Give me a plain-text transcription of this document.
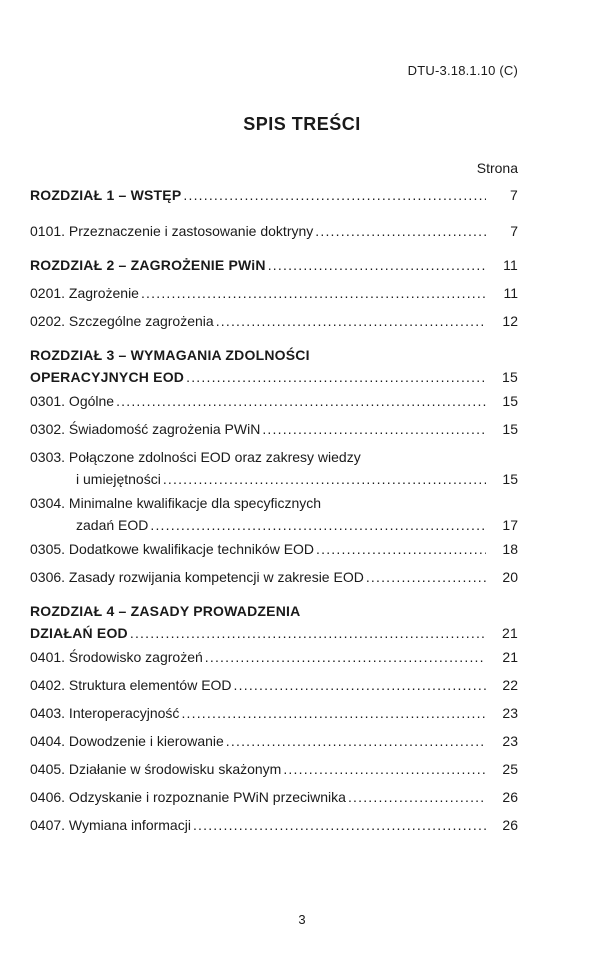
DTU-3.18.1.10 (C)
SPIS TREŚCI
Strona
ROZDZIAŁ 1 – WSTĘP .....	7
0101. Przeznaczenie i zastosowanie doktryny .....	7
ROZDZIAŁ 2 – ZAGROŻENIE PWiN .....	11
0201. Zagrożenie .....	11
0202. Szczególne zagrożenia .....	12
ROZDZIAŁ 3 – WYMAGANIA ZDOLNOŚCI
OPERACYJNYCH EOD .....	15
0301. Ogólne .....	15
0302. Świadomość zagrożenia PWiN .....	15
0303. Połączone zdolności EOD oraz zakresy wiedzy
i umiejętności .....	15
0304. Minimalne kwalifikacje dla specyficznych
zadań EOD .....	17
0305. Dodatkowe kwalifikacje techników EOD .....	18
0306. Zasady rozwijania kompetencji w zakresie EOD .....	20
ROZDZIAŁ 4 – ZASADY PROWADZENIA
DZIAŁAŃ EOD .....	21
0401. Środowisko zagrożeń .....	21
0402. Struktura elementów EOD .....	22
0403. Interoperacyjność .....	23
0404. Dowodzenie i kierowanie .....	23
0405. Działanie w środowisku skażonym .....	25
0406. Odzyskanie i rozpoznanie PWiN przeciwnika .....	26
0407. Wymiana informacji .....	26
3
